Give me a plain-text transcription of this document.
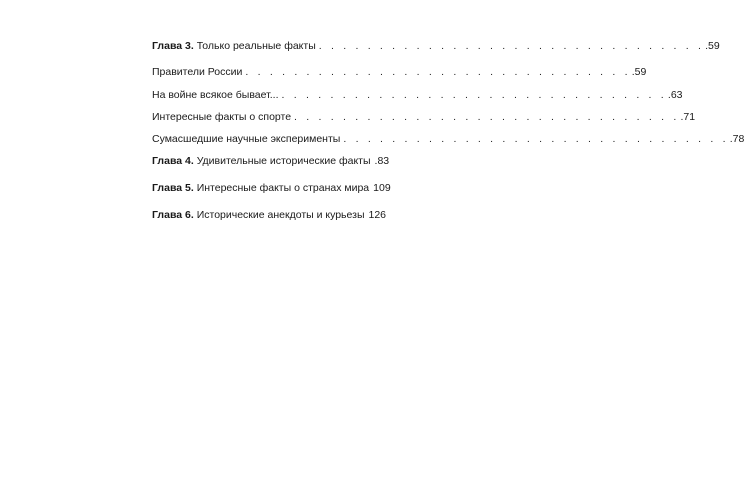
Глава 3. Только реальные факты . . . . . . . . . . . . . . . . . . . . . . . . . . . . . . . . .59
Правители России . . . . . . . . . . . . . . . . . . . . . . . . . . . . . . . . .59
На войне всякое бывает... . . . . . . . . . . . . . . . . . . . . . . . . . . . . . . . . .63
Интересные факты о спорте . . . . . . . . . . . . . . . . . . . . . . . . . . . . . . . . .71
Сумасшедшие научные эксперименты . . . . . . . . . . . . . . . . . . . . . . . . . . . . . . . . .78
Глава 4. Удивительные исторические факты .83
Глава 5. Интересные факты о странах мира 109
Глава 6. Исторические анекдоты и курьезы 126
